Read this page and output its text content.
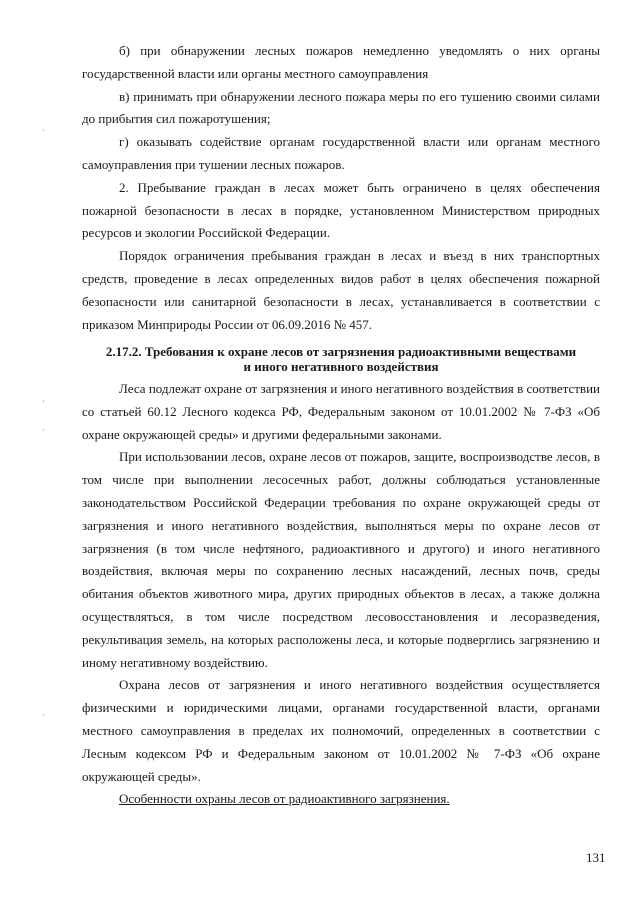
б) при обнаружении лесных пожаров немедленно уведомлять о них органы государственной власти или органы местного самоуправления

в) принимать при обнаружении лесного пожара меры по его тушению своими силами до прибытия сил пожаротушения;

г) оказывать содействие органам государственной власти или органам местного самоуправления при тушении лесных пожаров.

2. Пребывание граждан в лесах может быть ограничено в целях обеспечения пожарной безопасности в лесах в порядке, установленном Министерством природных ресурсов и экологии Российской Федерации.

Порядок ограничения пребывания граждан в лесах и въезд в них транспортных средств, проведение в лесах определенных видов работ в целях обеспечения пожарной безопасности или санитарной безопасности в лесах, устанавливается в соответствии с приказом Минприроды России от 06.09.2016 № 457.

2.17.2. Требования к охране лесов от загрязнения радиоактивными веществами

и иного негативного воздействия

Леса подлежат охране от загрязнения и иного негативного воздействия в соответствии со статьей 60.12 Лесного кодекса РФ, Федеральным законом от 10.01.2002 № 7-ФЗ «Об охране окружающей среды» и другими федеральными законами.

При использовании лесов, охране лесов от пожаров, защите, воспроизводстве лесов, в том числе при выполнении лесосечных работ, должны соблюдаться установленные законодательством Российской Федерации требования по охране окружающей среды от загрязнения и иного негативного воздействия, выполняться меры по охране лесов от загрязнения (в том числе нефтяного, радиоактивного и другого) и иного негативного воздействия, включая меры по сохранению лесных насаждений, лесных почв, среды обитания объектов животного мира, других природных объектов в лесах, а также должна осуществляться, в том числе посредством лесовосстановления и лесоразведения, рекультивация земель, на которых расположены леса, и которые подверглись загрязнению и иному негативному воздействию.

Охрана лесов от загрязнения и иного негативного воздействия осуществляется физическими и юридическими лицами, органами государственной власти, органами местного самоуправления в пределах их полномочий, определенных в соответствии с Лесным кодексом РФ и Федеральным законом от 10.01.2002 № 7-ФЗ «Об охране окружающей среды».

Особенности охраны лесов от радиоактивного загрязнения.

131
·
·
·
·
